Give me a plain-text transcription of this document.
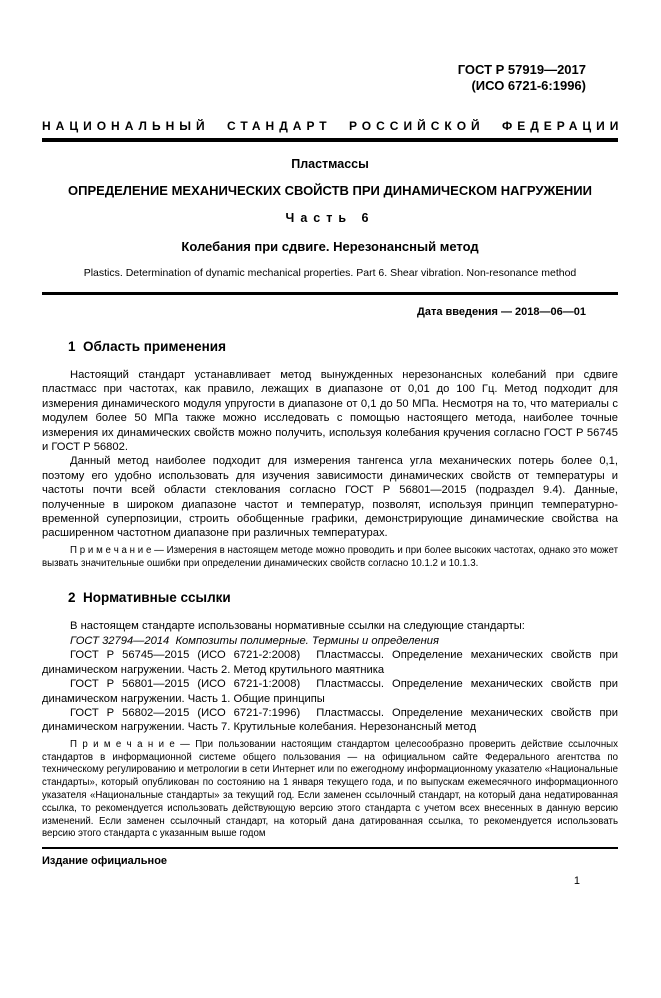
ГОСТ Р 57919—2017
(ИСО 6721-6:1996)
НАЦИОНАЛЬНЫЙ СТАНДАРТ РОССИЙСКОЙ ФЕДЕРАЦИИ
Пластмассы
ОПРЕДЕЛЕНИЕ МЕХАНИЧЕСКИХ СВОЙСТВ ПРИ ДИНАМИЧЕСКОМ НАГРУЖЕНИИ
Часть 6
Колебания при сдвиге. Нерезонансный метод
Plastics. Determination of dynamic mechanical properties. Part 6. Shear vibration. Non-resonance method
Дата введения — 2018—06—01
1  Область применения

Настоящий стандарт устанавливает метод вынужденных нерезонансных колебаний при сдвиге пластмасс при частотах, как правило, лежащих в диапазоне от 0,01 до 100 Гц. Метод подходит для измерения динамического модуля упругости в диапазоне от 0,1 до 50 МПа. Несмотря на то, что материалы с модулем более 50 МПа также можно исследовать с помощью настоящего метода, наиболее точные измерения их динамических свойств можно получить, используя колебания кручения согласно ГОСТ Р 56745 и ГОСТ Р 56802.

Данный метод наиболее подходит для измерения тангенса угла механических потерь более 0,1, поэтому его удобно использовать для изучения зависимости динамических свойств от температуры и частоты почти всей области стеклования согласно ГОСТ Р 56801—2015 (подраздел 9.4). Данные, полученные в широком диапазоне частот и температур, позволят, используя принцип температурно-временной суперпозиции, строить обобщенные графики, демонстрирующие динамические свойства на расширенном частотном диапазоне при различных температурах.

П р и м е ч а н и е — Измерения в настоящем методе можно проводить и при более высоких частотах, однако это может вызвать значительные ошибки при определении динамических свойств согласно 10.1.2 и 10.1.3.

2  Нормативные ссылки

В настоящем стандарте использованы нормативные ссылки на следующие стандарты:

ГОСТ 32794—2014  Композиты полимерные. Термины и определения

ГОСТ Р 56745—2015 (ИСО 6721-2:2008)  Пластмассы. Определение механических свойств при динамическом нагружении. Часть 2. Метод крутильного маятника

ГОСТ Р 56801—2015 (ИСО 6721-1:2008)  Пластмассы. Определение механических свойств при динамическом нагружении. Часть 1. Общие принципы

ГОСТ Р 56802—2015 (ИСО 6721-7:1996)  Пластмассы. Определение механических свойств при динамическом нагружении. Часть 7. Крутильные колебания. Нерезонансный метод

П р и м е ч а н и е — При пользовании настоящим стандартом целесообразно проверить действие ссылочных стандартов в информационной системе общего пользования — на официальном сайте Федерального агентства по техническому регулированию и метрологии в сети Интернет или по ежегодному информационному указателю «Национальные стандарты», который опубликован по состоянию на 1 января текущего года, и по выпускам ежемесячного информационного указателя «Национальные стандарты» за текущий год. Если заменен ссылочный стандарт, на который дана недатированная ссылка, то рекомендуется использовать действующую версию этого стандарта с учетом всех внесенных в данную версию изменений. Если заменен ссылочный стандарт, на который дана датированная ссылка, то рекомендуется использовать версию этого стандарта с указанным выше годом

Издание официальное
1
